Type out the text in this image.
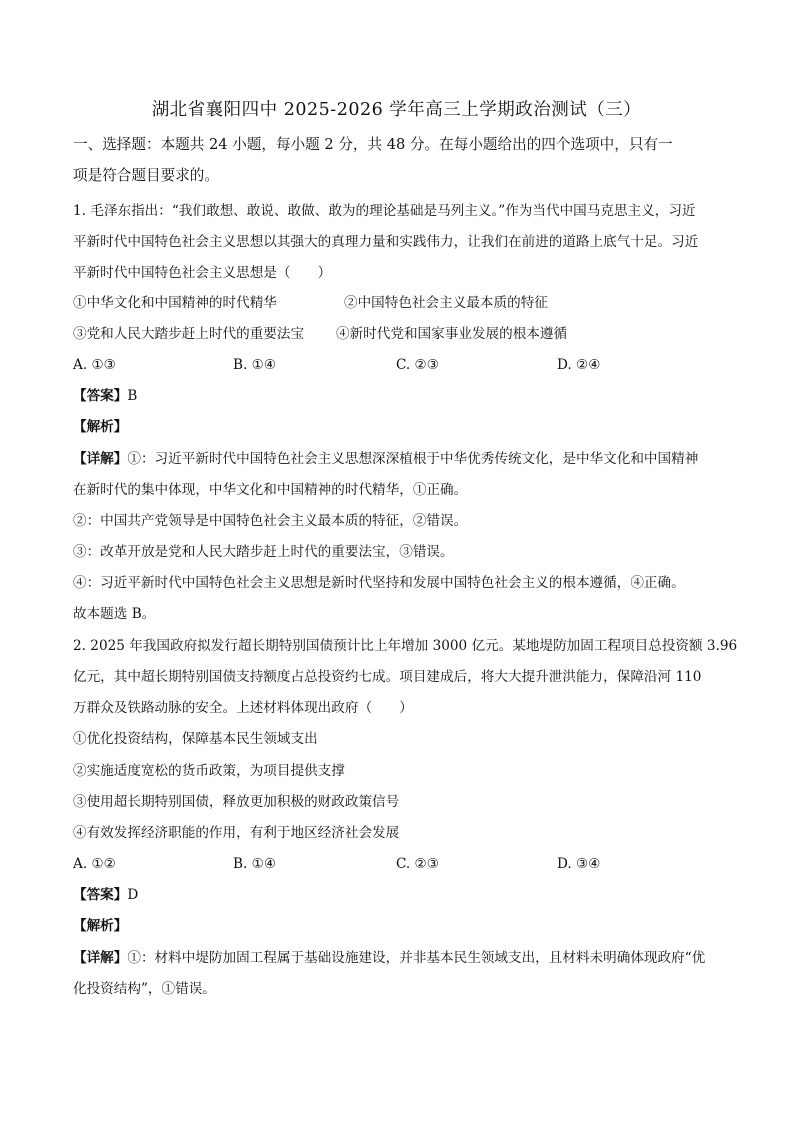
湖北省襄阳四中 2025-2026 学年高三上学期政治测试（三）
一、选择题：本题共 24 小题，每小题 2 分，共 48 分。在每小题给出的四个选项中，只有一
项是符合题目要求的。
1. 毛泽东指出：“我们敢想、敢说、敢做、敢为的理论基础是马列主义。”作为当代中国马克思主义，习近
平新时代中国特色社会主义思想以其强大的真理力量和实践伟力，让我们在前进的道路上底气十足。习近
平新时代中国特色社会主义思想是（　　）
①中华文化和中国精神的时代精华	②中国特色社会主义最本质的特征
③党和人民大踏步赶上时代的重要法宝 ④新时代党和国家事业发展的根本遵循
A. ①③	B. ①④	C. ②③	D. ②④
【答案】B
【解析】
【详解】①：习近平新时代中国特色社会主义思想深深植根于中华优秀传统文化，是中华文化和中国精神
在新时代的集中体现，中华文化和中国精神的时代精华，①正确。
②：中国共产党领导是中国特色社会主义最本质的特征，②错误。
③：改革开放是党和人民大踏步赶上时代的重要法宝，③错误。
④：习近平新时代中国特色社会主义思想是新时代坚持和发展中国特色社会主义的根本遵循，④正确。
故本题选 B。
2. 2025 年我国政府拟发行超长期特别国债预计比上年增加 3000 亿元。某地堤防加固工程项目总投资额 3.96
亿元，其中超长期特别国债支持额度占总投资约七成。项目建成后，将大大提升泄洪能力，保障沿河 110
万群众及铁路动脉的安全。上述材料体现出政府（　　）
①优化投资结构，保障基本民生领域支出
②实施适度宽松的货币政策，为项目提供支撑
③使用超长期特别国债，释放更加积极的财政政策信号
④有效发挥经济职能的作用，有利于地区经济社会发展
A. ①②	B. ①④	C. ②③	D. ③④
【答案】D
【解析】
【详解】①：材料中堤防加固工程属于基础设施建设，并非基本民生领域支出，且材料未明确体现政府“优
化投资结构”，①错误。
